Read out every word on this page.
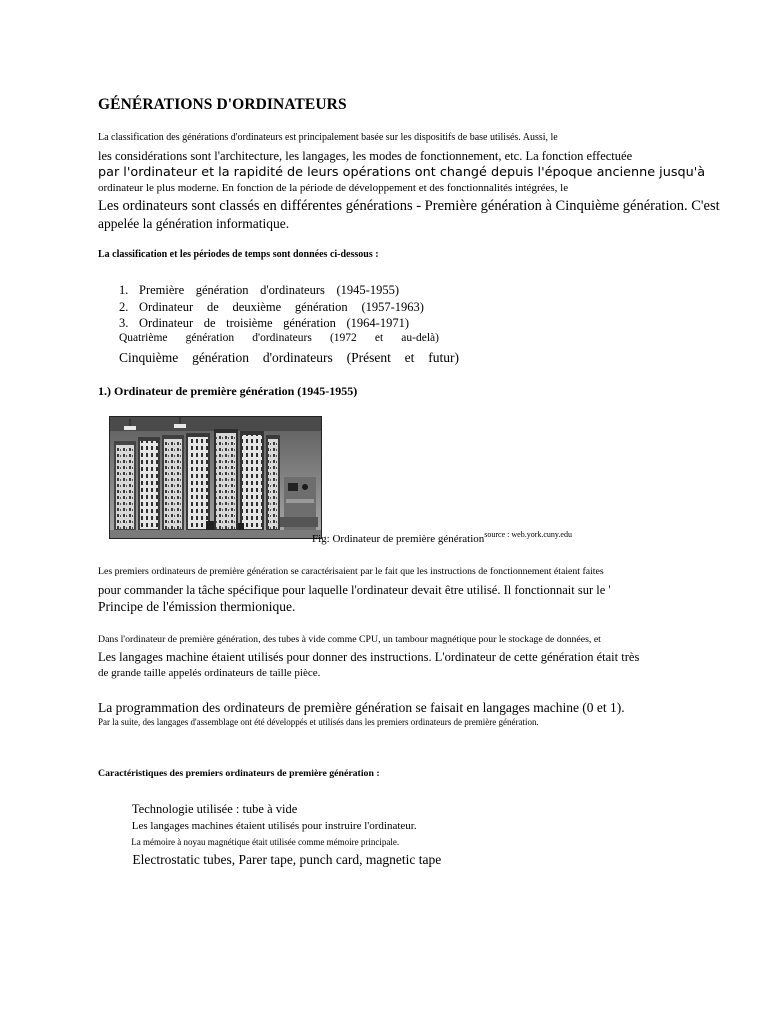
GÉNÉRATIONS D'ORDINATEURS
La classification des générations d'ordinateurs est principalement basée sur les dispositifs de base utilisés. Aussi, le
les considérations sont l'architecture, les langages, les modes de fonctionnement, etc. La fonction effectuée
par l'ordinateur et la rapidité de leurs opérations ont changé depuis l'époque ancienne jusqu'à
ordinateur le plus moderne. En fonction de la période de développement et des fonctionnalités intégrées, le
Les ordinateurs sont classés en différentes générations - Première génération à Cinquième génération. C'est
appelée la génération informatique.
La classification et les périodes de temps sont données ci-dessous :
1. Première génération d'ordinateurs (1945-1955)
2. Ordinateur de deuxième génération (1957-1963)
3. Ordinateur de troisième génération (1964-1971)
Quatrième génération d'ordinateurs (1972 et au-delà)
Cinquième génération d'ordinateurs (Présent et futur)
1.) Ordinateur de première génération (1945-1955)
Fig: Ordinateur de première génération$^{source : web.york.cuny.edu}$
Les premiers ordinateurs de première génération se caractérisaient par le fait que les instructions de fonctionnement étaient faites
pour commander la tâche spécifique pour laquelle l'ordinateur devait être utilisé. Il fonctionnait sur le '
Principe de l'émission thermionique.
Dans l'ordinateur de première génération, des tubes à vide comme CPU, un tambour magnétique pour le stockage de données, et
Les langages machine étaient utilisés pour donner des instructions. L'ordinateur de cette génération était très
de grande taille appelés ordinateurs de taille pièce.
La programmation des ordinateurs de première génération se faisait en langages machine (0 et 1).
Par la suite, des langages d'assemblage ont été développés et utilisés dans les premiers ordinateurs de première génération.
Caractéristiques des premiers ordinateurs de première génération :
Technologie utilisée : tube à vide
Les langages machines étaient utilisés pour instruire l'ordinateur.
La mémoire à noyau magnétique était utilisée comme mémoire principale.
Electrostatic tubes, Parer tape, punch card, magnetic tape
